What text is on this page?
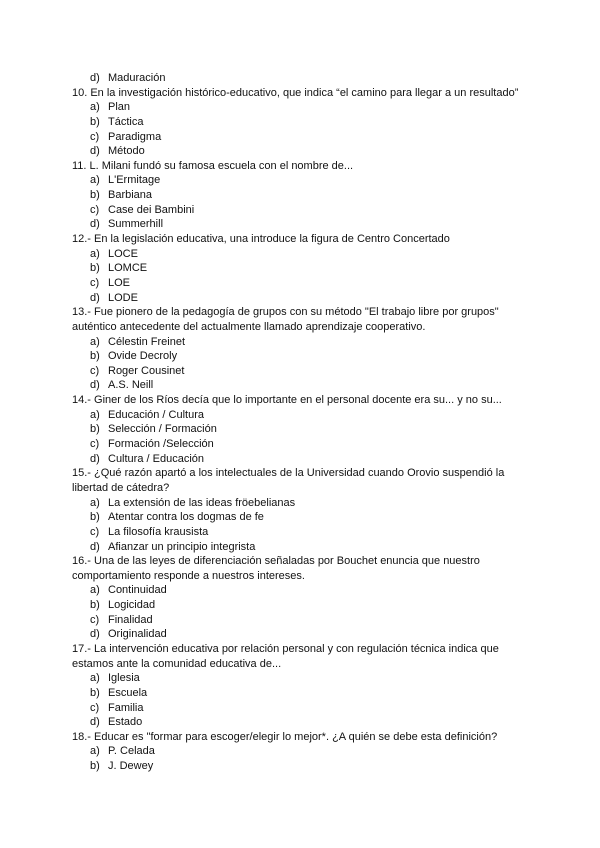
d) Maduración
10. En la investigación histórico-educativo, que indica “el camino para llegar a un resultado”
a) Plan
b) Táctica
c) Paradigma
d) Método
11. L. Milani fundó su famosa escuela con el nombre de...
a) L'Ermitage
b) Barbiana
c) Case dei Bambini
d) Summerhill
12.- En la legislación educativa, una introduce la figura de Centro Concertado
a) LOCE
b) LOMCE
c) LOE
d) LODE
13.- Fue pionero de la pedagogía de grupos con su método "El trabajo libre por grupos"
auténtico antecedente del actualmente llamado aprendizaje cooperativo.
a) Célestin Freinet
b) Ovide Decroly
c) Roger Cousinet
d) A.S. Neill
14.- Giner de los Ríos decía que lo importante en el personal docente era su... y no su...
a) Educación / Cultura
b) Selección / Formación
c) Formación /Selección
d) Cultura / Educación
15.- ¿Qué razón apartó a los intelectuales de la Universidad cuando Orovio suspendió la
libertad de cátedra?
a) La extensión de las ideas fröebelianas
b) Atentar contra los dogmas de fe
c) La filosofía krausista
d) Afianzar un principio integrista
16.- Una de las leyes de diferenciación señaladas por Bouchet enuncia que nuestro
comportamiento responde a nuestros intereses.
a) Continuidad
b) Logicidad
c) Finalidad
d) Originalidad
17.- La intervención educativa por relación personal y con regulación técnica indica que
estamos ante la comunidad educativa de...
a) Iglesia
b) Escuela
c) Familia
d) Estado
18.- Educar es "formar para escoger/elegir lo mejor*. ¿A quién se debe esta definición?
a) P. Celada
b) J. Dewey
